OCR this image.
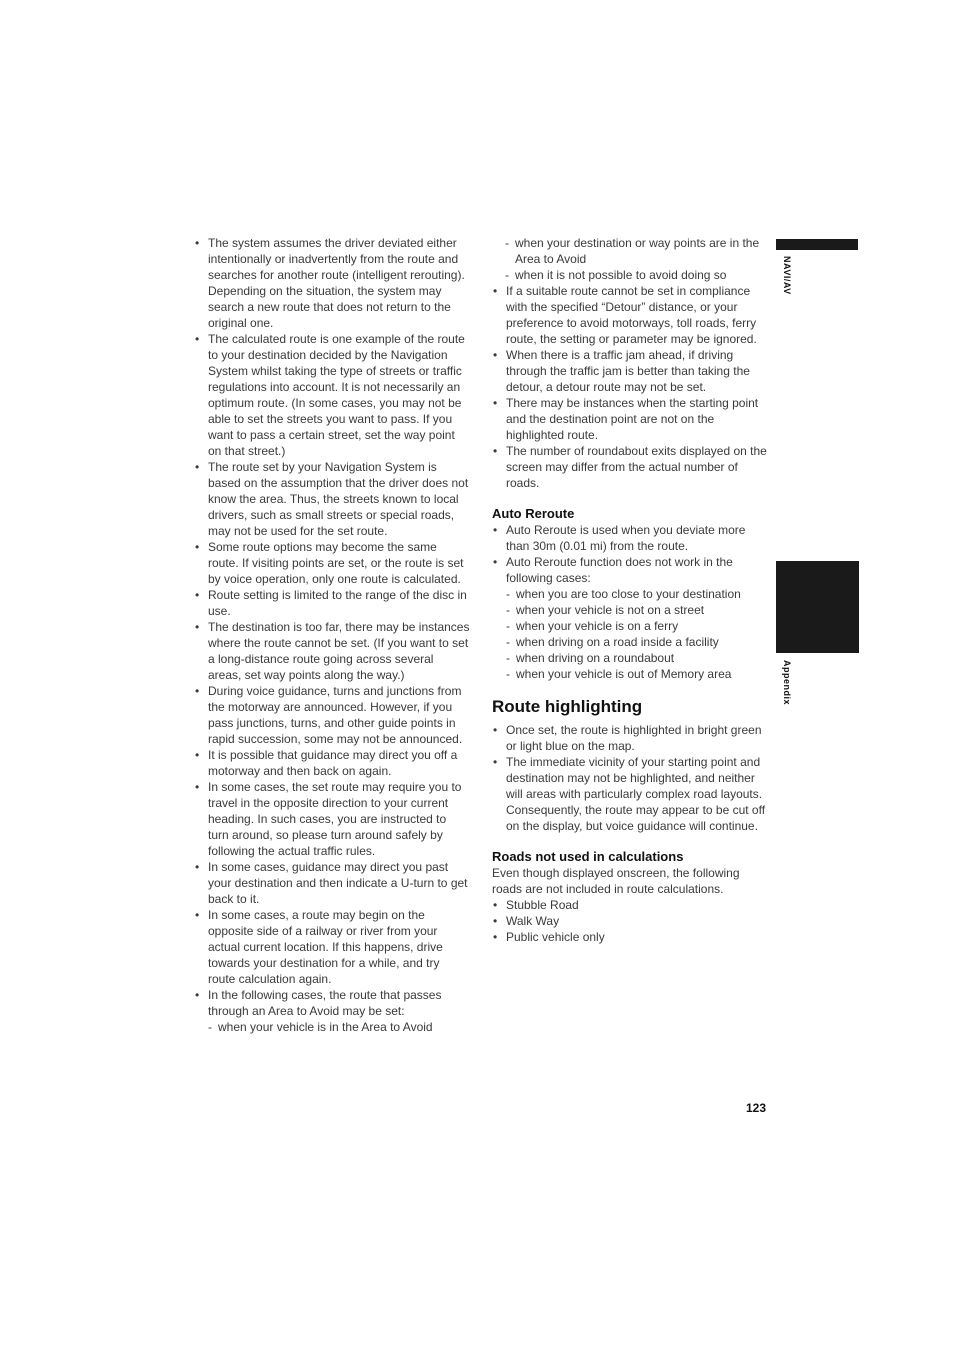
• The system assumes the driver deviated either intentionally or inadvertently from the route and searches for another route (intelligent rerouting). Depending on the situation, the system may search a new route that does not return to the original one.
• The calculated route is one example of the route to your destination decided by the Navigation System whilst taking the type of streets or traffic regulations into account. It is not necessarily an optimum route. (In some cases, you may not be able to set the streets you want to pass. If you want to pass a certain street, set the way point on that street.)
• The route set by your Navigation System is based on the assumption that the driver does not know the area. Thus, the streets known to local drivers, such as small streets or special roads, may not be used for the set route.
• Some route options may become the same route. If visiting points are set, or the route is set by voice operation, only one route is calculated.
• Route setting is limited to the range of the disc in use.
• The destination is too far, there may be instances where the route cannot be set. (If you want to set a long-distance route going across several areas, set way points along the way.)
• During voice guidance, turns and junctions from the motorway are announced. However, if you pass junctions, turns, and other guide points in rapid succession, some may not be announced.
• It is possible that guidance may direct you off a motorway and then back on again.
• In some cases, the set route may require you to travel in the opposite direction to your current heading. In such cases, you are instructed to turn around, so please turn around safely by following the actual traffic rules.
• In some cases, guidance may direct you past your destination and then indicate a U-turn to get back to it.
• In some cases, a route may begin on the opposite side of a railway or river from your actual current location. If this happens, drive towards your destination for a while, and try route calculation again.
• In the following cases, the route that passes through an Area to Avoid may be set:
- when your vehicle is in the Area to Avoid
- when your destination or way points are in the Area to Avoid
- when it is not possible to avoid doing so
• If a suitable route cannot be set in compliance with the specified “Detour” distance, or your preference to avoid motorways, toll roads, ferry route, the setting or parameter may be ignored.
• When there is a traffic jam ahead, if driving through the traffic jam is better than taking the detour, a detour route may not be set.
• There may be instances when the starting point and the destination point are not on the highlighted route.
• The number of roundabout exits displayed on the screen may differ from the actual number of roads.
Auto Reroute
• Auto Reroute is used when you deviate more than 30m (0.01 mi) from the route.
• Auto Reroute function does not work in the following cases:
- when you are too close to your destination
- when your vehicle is not on a street
- when your vehicle is on a ferry
- when driving on a road inside a facility
- when driving on a roundabout
- when your vehicle is out of Memory area
Route highlighting
• Once set, the route is highlighted in bright green or light blue on the map.
• The immediate vicinity of your starting point and destination may not be highlighted, and neither will areas with particularly complex road layouts. Consequently, the route may appear to be cut off on the display, but voice guidance will continue.
Roads not used in calculations

Even though displayed onscreen, the following roads are not included in route calculations.

• Stubble Road
• Walk Way
• Public vehicle only
NAVI/AV
Appendix
123
